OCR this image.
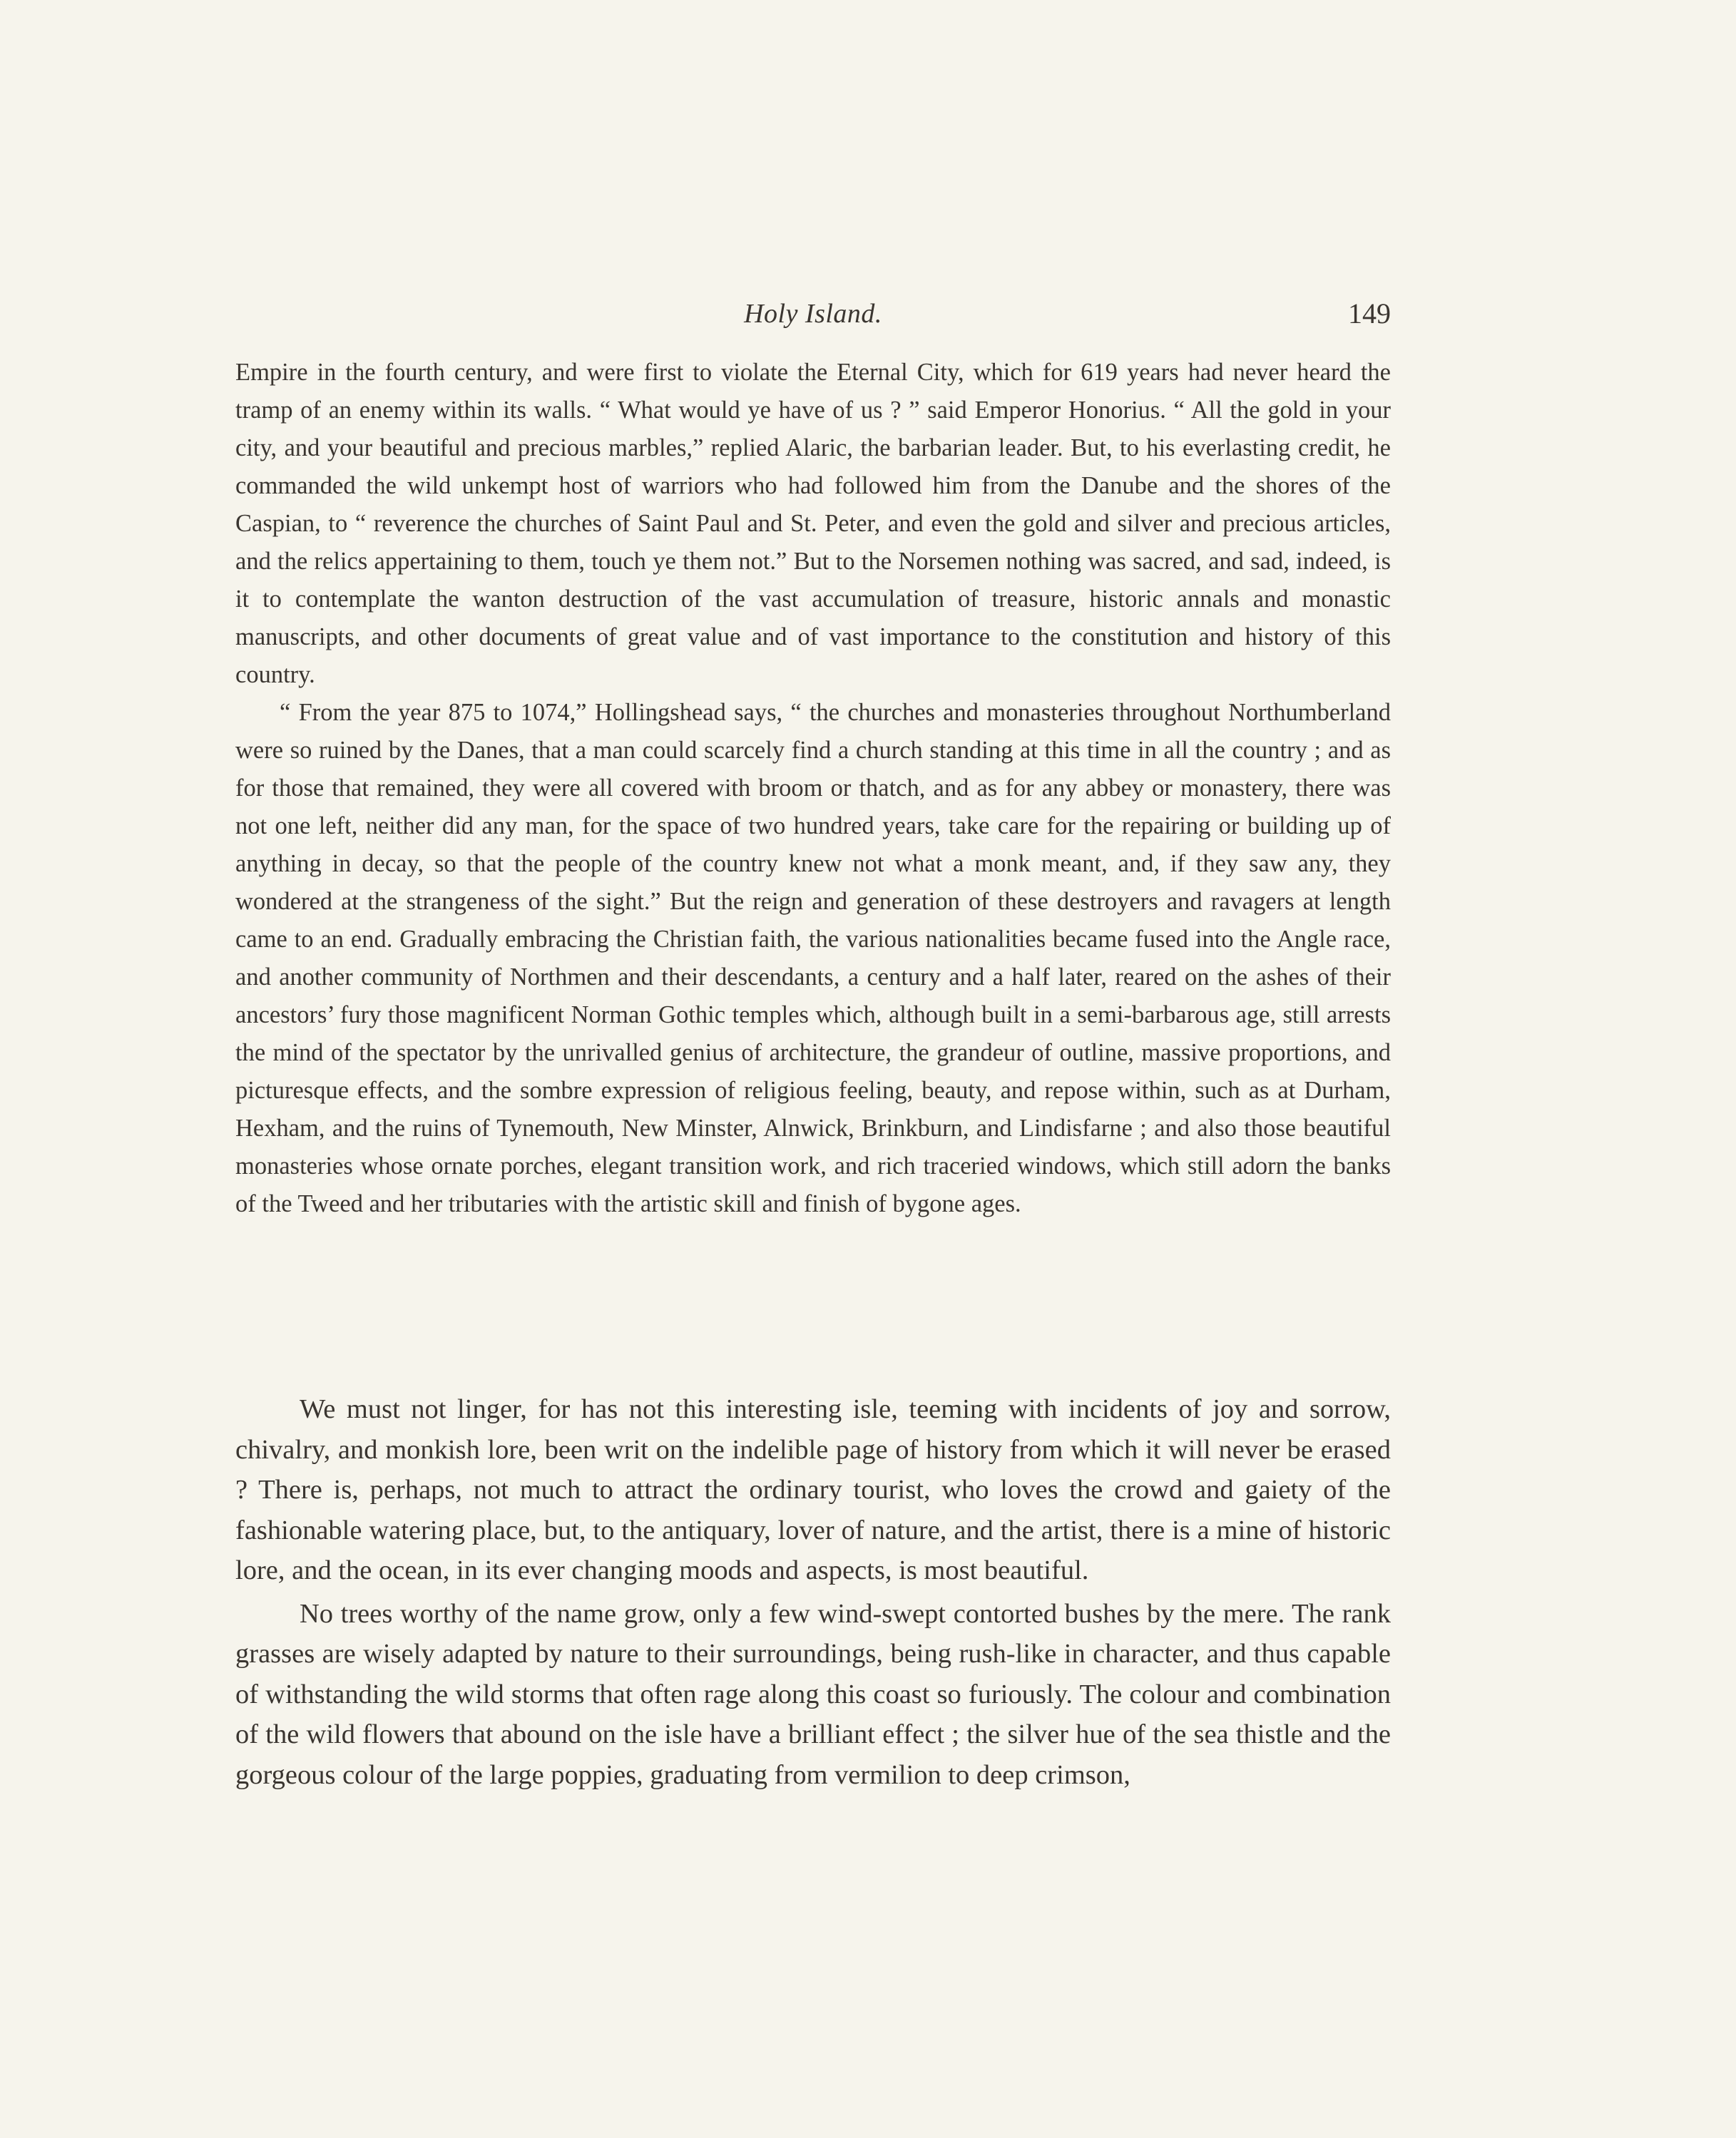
Holy Island.	149

Empire in the fourth century, and were first to violate the Eternal City, which for 619 years had never heard the tramp of an enemy within its walls. “ What would ye have of us ? ” said Emperor Honorius. “ All the gold in your city, and your beautiful and precious marbles,” replied Alaric, the barbarian leader. But, to his everlasting credit, he commanded the wild unkempt host of warriors who had followed him from the Danube and the shores of the Caspian, to “ reverence the churches of Saint Paul and St. Peter, and even the gold and silver and precious articles, and the relics appertaining to them, touch ye them not.” But to the Norsemen nothing was sacred, and sad, indeed, is it to contemplate the wanton destruction of the vast accumulation of treasure, historic annals and monastic manuscripts, and other documents of great value and of vast importance to the constitution and history of this country.

“ From the year 875 to 1074,” Hollingshead says, “ the churches and monasteries throughout Northumberland were so ruined by the Danes, that a man could scarcely find a church standing at this time in all the country ; and as for those that remained, they were all covered with broom or thatch, and as for any abbey or monastery, there was not one left, neither did any man, for the space of two hundred years, take care for the repairing or building up of anything in decay, so that the people of the country knew not what a monk meant, and, if they saw any, they wondered at the strangeness of the sight.” But the reign and generation of these destroyers and ravagers at length came to an end. Gradually embracing the Christian faith, the various nationalities became fused into the Angle race, and another community of Northmen and their descendants, a century and a half later, reared on the ashes of their ancestors’ fury those magnificent Norman Gothic temples which, although built in a semi-barbarous age, still arrests the mind of the spectator by the unrivalled genius of architecture, the grandeur of outline, massive proportions, and picturesque effects, and the sombre expression of religious feeling, beauty, and repose within, such as at Durham, Hexham, and the ruins of Tynemouth, New Minster, Alnwick, Brinkburn, and Lindisfarne ; and also those beautiful monasteries whose ornate porches, elegant transition work, and rich traceried windows, which still adorn the banks of the Tweed and her tributaries with the artistic skill and finish of bygone ages.

We must not linger, for has not this interesting isle, teeming with incidents of joy and sorrow, chivalry, and monkish lore, been writ on the indelible page of history from which it will never be erased ? There is, perhaps, not much to attract the ordinary tourist, who loves the crowd and gaiety of the fashionable watering place, but, to the antiquary, lover of nature, and the artist, there is a mine of historic lore, and the ocean, in its ever changing moods and aspects, is most beautiful.

No trees worthy of the name grow, only a few wind-swept contorted bushes by the mere. The rank grasses are wisely adapted by nature to their surroundings, being rush-like in character, and thus capable of withstanding the wild storms that often rage along this coast so furiously. The colour and combination of the wild flowers that abound on the isle have a brilliant effect ; the silver hue of the sea thistle and the gorgeous colour of the large poppies, graduating from vermilion to deep crimson,
